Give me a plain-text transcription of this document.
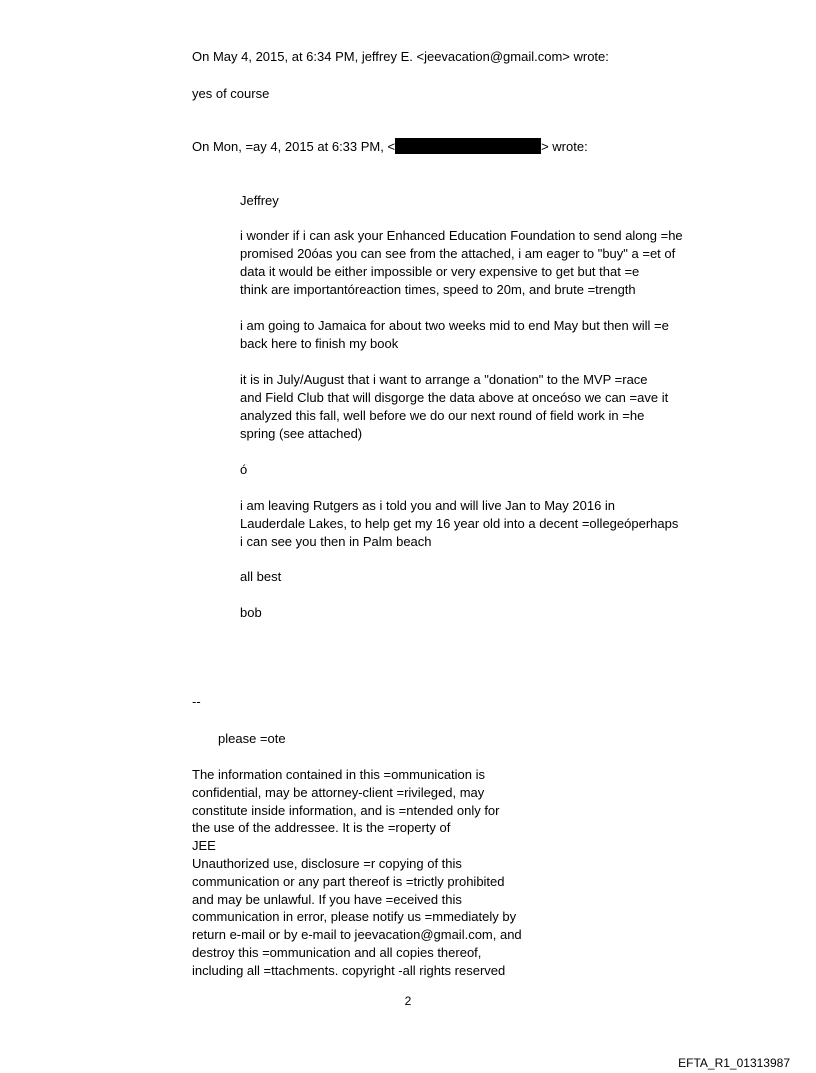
On May 4, 2015, at 6:34 PM, jeffrey E. <jeevacation@gmail.com> wrote:
yes of course
On Mon, =ay 4, 2015 at 6:33 PM, <	> wrote:
Jeffrey
i wonder if i can ask your Enhanced Education Foundation to send along =he
promised 20óas you can see from the attached, i am eager to "buy" a =et of
data it would be either impossible or very expensive to get but that =e
think are importantóreaction times, speed to 20m, and brute =trength
i am going to Jamaica for about two weeks mid to end May but then will =e
back here to finish my book
it is in July/August that i want to arrange a "donation" to the MVP =race
and Field Club that will disgorge the data above at onceóso we can =ave it
analyzed this fall, well before we do our next round of field work in =he
spring (see attached)
ó
i am leaving Rutgers as i told you and will live Jan to May 2016 in
Lauderdale Lakes, to help get my 16 year old into a decent =ollegeóperhaps
i can see you then in Palm beach
all best
bob
--
please =ote
The information contained in this =ommunication is
confidential, may be attorney-client =rivileged, may
constitute inside information, and is =ntended only for
the use of the addressee. It is the =roperty of
JEE
Unauthorized use, disclosure =r copying of this
communication or any part thereof is =trictly prohibited
and may be unlawful. If you have =eceived this
communication in error, please notify us =mmediately by
return e-mail or by e-mail to jeevacation@gmail.com, and
destroy this =ommunication and all copies thereof,
including all =ttachments. copyright -all rights reserved
2
EFTA_R1_01313987
